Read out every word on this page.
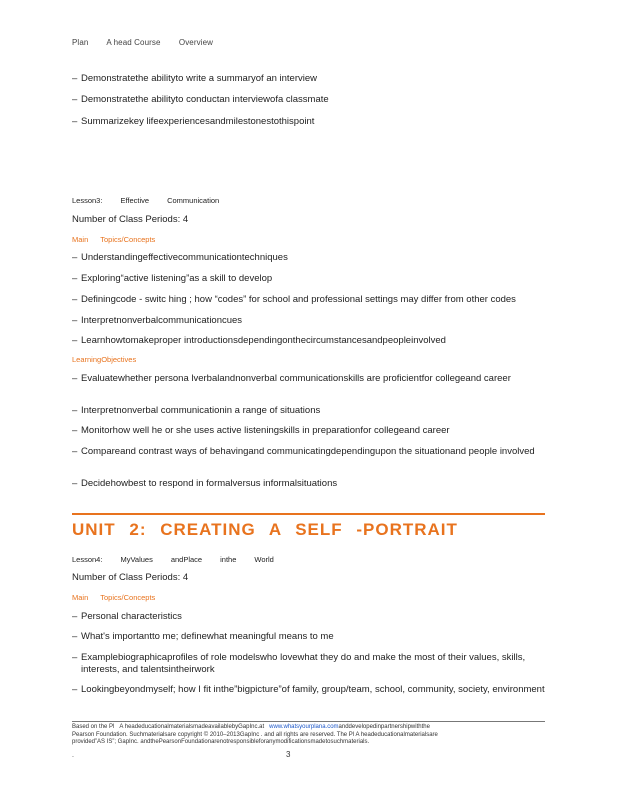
Plan A head Course Overview
– Demonstratethe abilityto write a summaryof an interview
– Demonstratethe abilityto conductan interviewofa classmate
– Summarizekey lifeexperiencesandmilestonestothispoint
Lesson3: Effective Communication
Number of Class Periods: 4
Main Topics/Concepts
– Understandingeffectivecommunicationtechniques
– Exploring“active listening”as a skill to develop
– Definingcode - switc hing ; how “codes” for school and professional settings may differ from other codes
– Interpretnonverbalcommunicationcues
– Learnhowtomakeproper introductionsdependingonthecircumstancesandpeopleinvolved
LearningObjectives
– Evaluatewhether persona lverbalandnonverbal communicationskills are proficientfor collegeand career
– Interpretnonverbal communicationin a range of situations
– Monitorhow well he or she uses active listeningskills in preparationfor collegeand career
– Compareand contrast ways of behavingand communicatingdependingupon the situationand people involved
– Decidehowbest to respond in formalversus informalsituations
UNIT 2: CREATING A SELF -PORTRAIT
Lesson4: MyValues andPlace inthe World
Number of Class Periods: 4
Main Topics/Concepts
– Personal characteristics
– What's importantto me; definewhat meaningful means to me
– Examplebiographicaprofiles of role modelswho lovewhat they do and make the most of their values, skills, interests, and talentsintheirwork
– Lookingbeyondmyself; how I fit inthe”bigpicture”of family, group/team, school, community, society, environment
Based on the Pl A headeducationalmaterialsmadeavailablebyGapInc.at www.whatsyourplana.comanddevelopedinpartnershipwiththe
Pearson Foundation. Suchmaterialsare copyright © 2010–2013GapInc . and all rights are reserved. The Pl A headeducationalmaterialsare
provided”AS IS”; GapInc. andthePearsonFoundationarenotresponsibleforanymodificationsmadetosuchmaterials.
.	3
